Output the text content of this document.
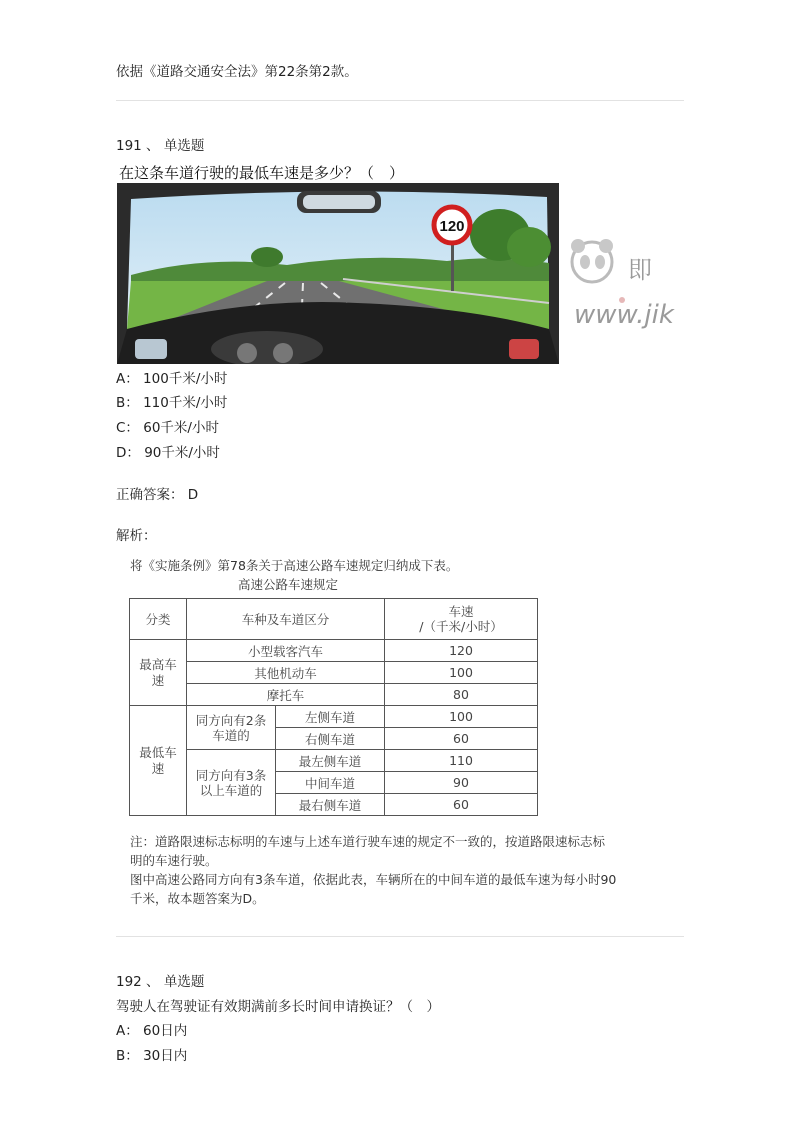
依据《道路交通安全法》第22条第2款。
191 、 单选题
120
在这条车道行驶的最低车速是多少？（　）
即
www.jik
A： 100千米/小时
B： 110千米/小时
C： 60千米/小时
D： 90千米/小时
正确答案： D
解析：
将《实施条例》第78条关于高速公路车速规定归纳成下表。
高速公路车速规定
分类	车种及车道区分		车速
/（千米/小时）
最高车速	小型载客汽车		120
	其他机动车		100
	摩托车		80
最低车速	同方向有2条车道的	左侧车道	100
		右侧车道	60
	同方向有3条以上车道的	最左侧车道	110
		中间车道	90
		最右侧车道	60
注：道路限速标志标明的车速与上述车道行驶车速的规定不一致的，按道路限速标志标
明的车速行驶。
图中高速公路同方向有3条车道，依据此表，车辆所在的中间车道的最低车速为每小时90
千米，故本题答案为D。
192 、 单选题
驾驶人在驾驶证有效期满前多长时间申请换证？（　）
A： 60日内
B： 30日内
